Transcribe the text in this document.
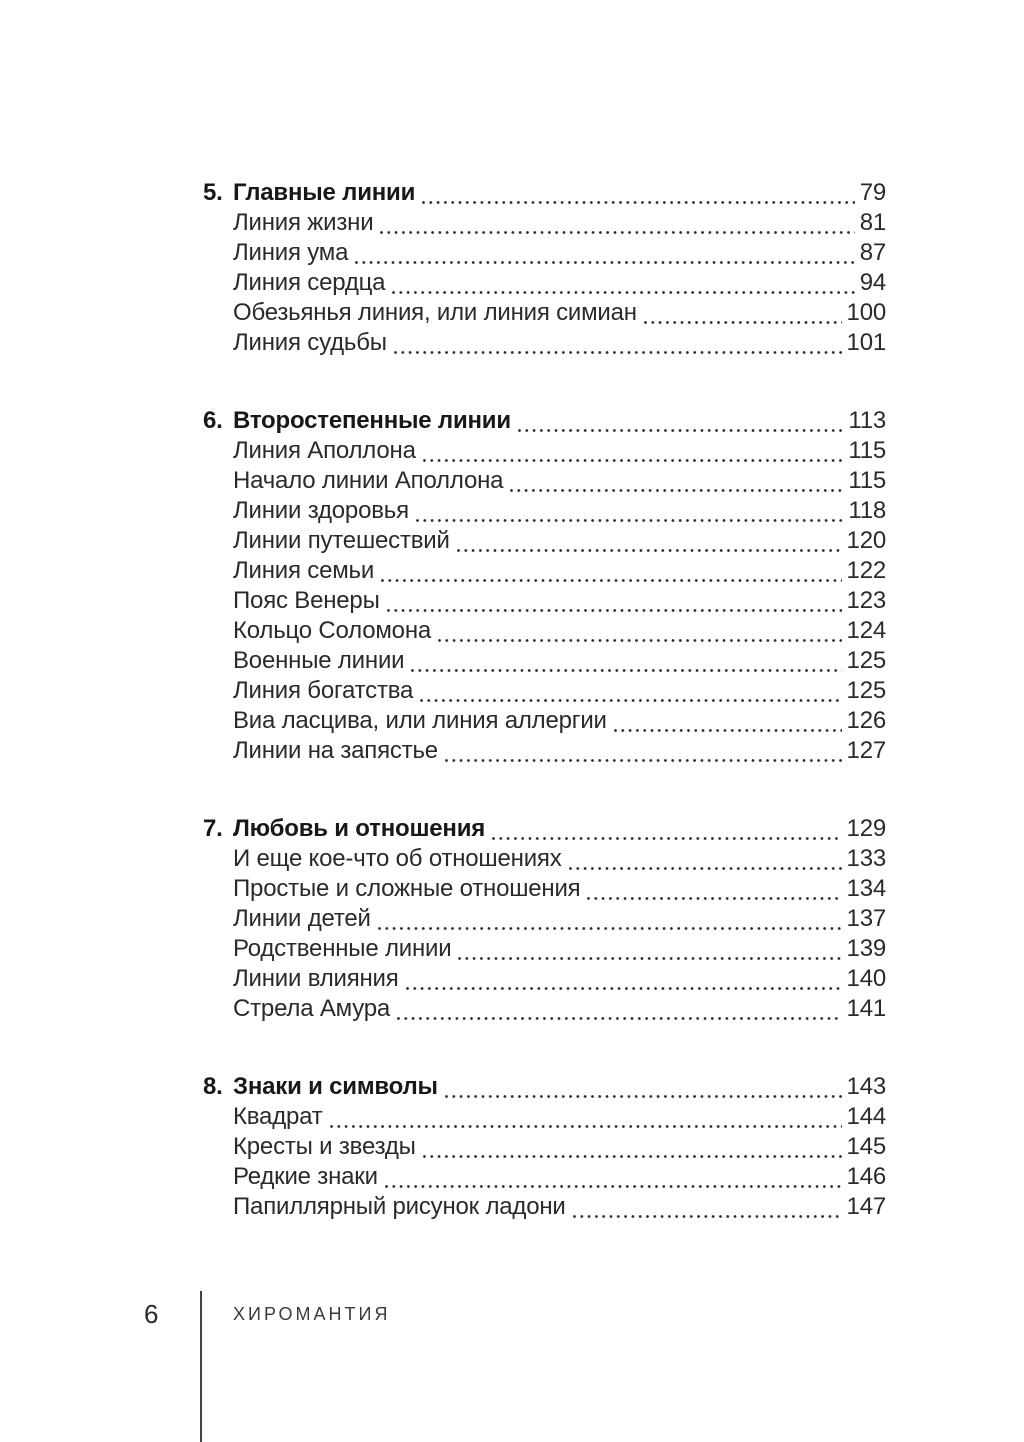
5. Главные линии	79
Линия жизни	81
Линия ума	87
Линия сердца	94
Обезьянья линия, или линия симиан	100
Линия судьбы	101
6. Второстепенные линии	113
Линия Аполлона	115
Начало линии Аполлона	115
Линии здоровья	118
Линии путешествий	120
Линия семьи	122
Пояс Венеры	123
Кольцо Соломона	124
Военные линии	125
Линия богатства	125
Виа ласцива, или линия аллергии	126
Линии на запястье	127
7. Любовь и отношения	129
И еще кое-что об отношениях	133
Простые и сложные отношения	134
Линии детей	137
Родственные линии	139
Линии влияния	140
Стрела Амура	141
8. Знаки и символы	143
Квадрат	144
Кресты и звезды	145
Редкие знаки	146
Папиллярный рисунок ладони	147
6	ХИРОМАНТИЯ
